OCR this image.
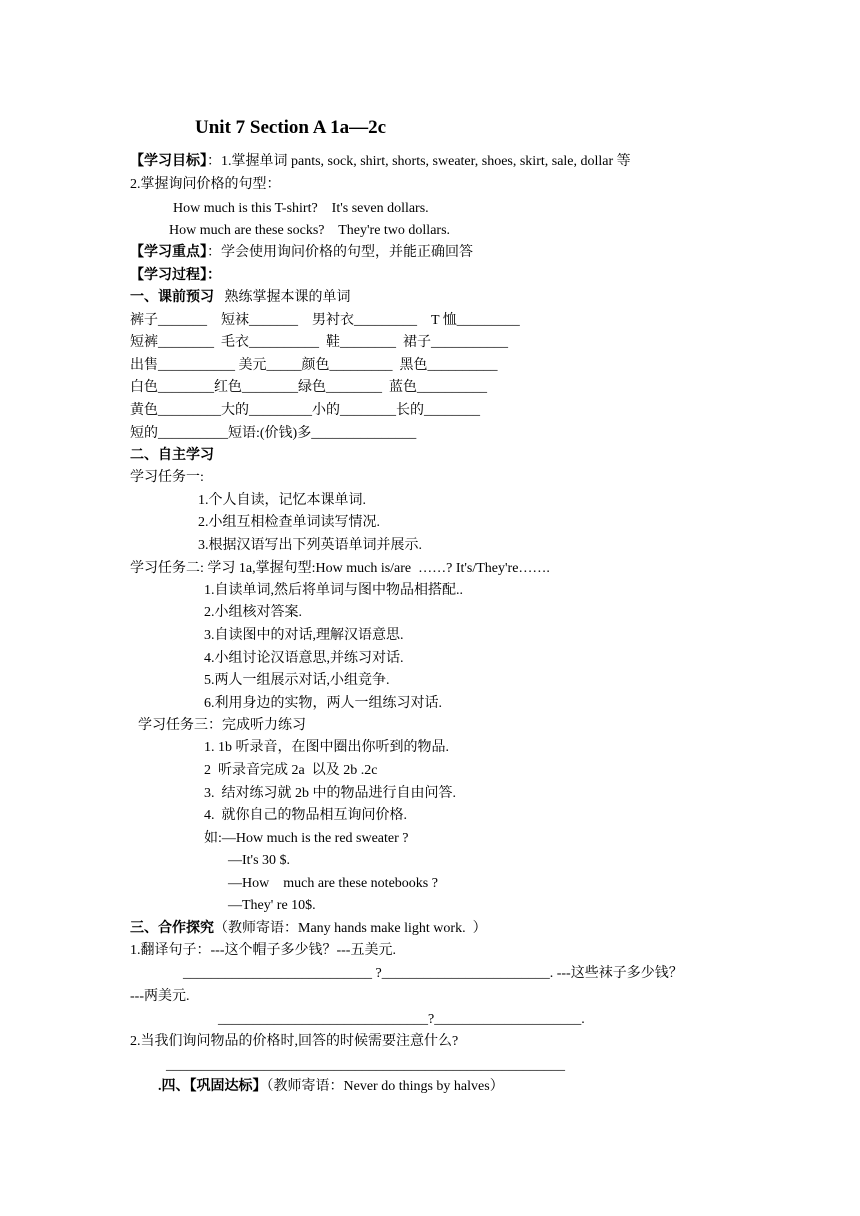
Unit 7 Section A 1a—2c
【学习目标】：1.掌握单词 pants, sock, shirt, shorts, sweater, shoes, skirt, sale, dollar 等
2.掌握询问价格的句型：
How much is this T-shirt?    It's seven dollars.
How much are these socks?    They're two dollars.
【学习重点】：学会使用询问价格的句型，并能正确回答
【学习过程】：
一、课前预习   熟练掌握本课的单词
裤子_______    短袜_______    男衬衣_________    T 恤_________
短裤________  毛衣__________  鞋________  裙子___________
出售___________ 美元_____颜色_________  黑色__________
白色________红色________绿色________  蓝色__________
黄色_________大的_________小的________长的________
短的__________短语:(价钱)多_______________
二、自主学习
学习任务一:
1.个人自读，记忆本课单词.
2.小组互相检查单词读写情况.
3.根据汉语写出下列英语单词并展示.
学习任务二: 学习 1a,掌握句型:How much is/are  ……? It's/They're…….
1.自读单词,然后将单词与图中物品相搭配..
2.小组核对答案.
3.自读图中的对话,理解汉语意思.
4.小组讨论汉语意思,并练习对话.
5.两人一组展示对话,小组竞争.
6.利用身边的实物，两人一组练习对话.
学习任务三：完成听力练习
1. 1b 听录音，在图中圈出你听到的物品.
2  听录音完成 2a  以及 2b .2c
3.  结对练习就 2b 中的物品进行自由问答.
4.  就你自己的物品相互询问价格.
如:—How much is the red sweater ?
—It's 30 $.
—How    much are these notebooks ?
—They' re 10$.
三、合作探究（教师寄语：Many hands make light work.  ）
1.翻译句子：---这个帽子多少钱？---五美元.
___________________________ ?________________________. ---这些袜子多少钱？
---两美元.
______________________________?_____________________.
2.当我们询问物品的价格时,回答的时候需要注意什么?
_________________________________________________________
.四、【巩固达标】（教师寄语：Never do things by halves）
